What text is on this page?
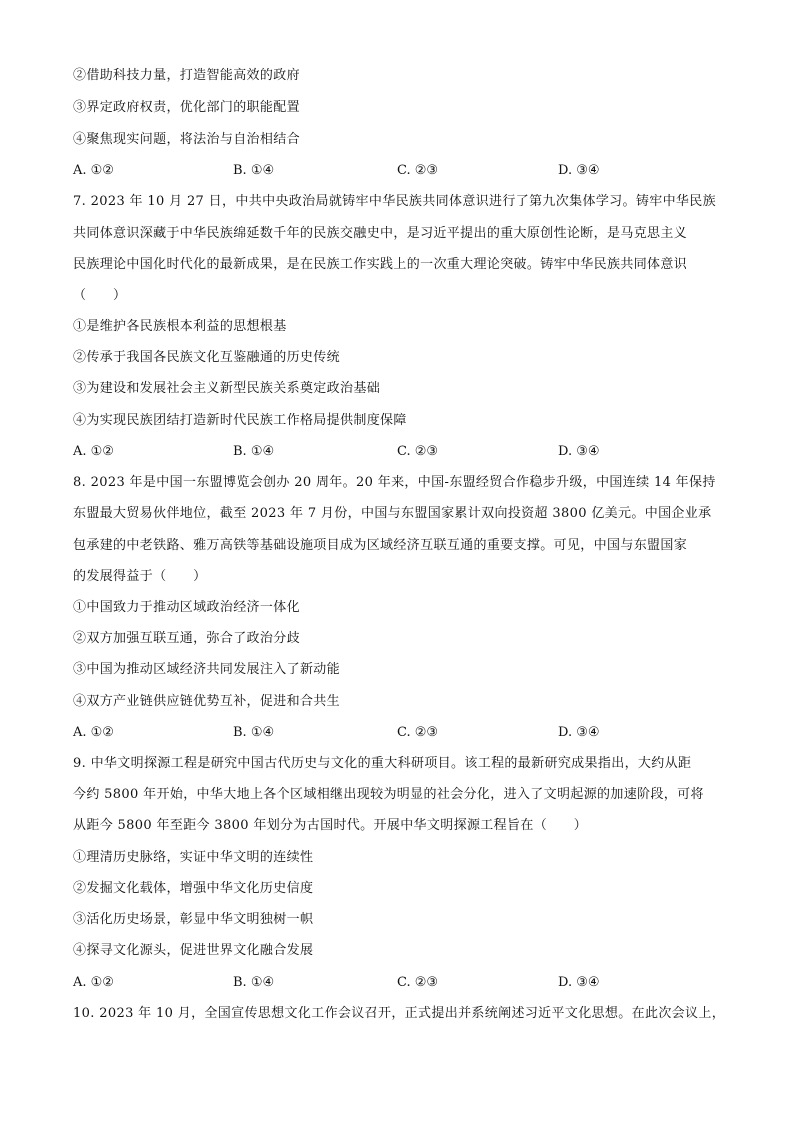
②借助科技力量，打造智能高效的政府
③界定政府权责，优化部门的职能配置
④聚焦现实问题，将法治与自治相结合
A. ①②	B. ①④	C. ②③	D. ③④
7. 2023 年 10 月 27 日，中共中央政治局就铸牢中华民族共同体意识进行了第九次集体学习。铸牢中华民族
共同体意识深藏于中华民族绵延数千年的民族交融史中，是习近平提出的重大原创性论断，是马克思主义
民族理论中国化时代化的最新成果，是在民族工作实践上的一次重大理论突破。铸牢中华民族共同体意识
（　　）
①是维护各民族根本利益的思想根基
②传承于我国各民族文化互鉴融通的历史传统
③为建设和发展社会主义新型民族关系奠定政治基础
④为实现民族团结打造新时代民族工作格局提供制度保障
A. ①②	B. ①④	C. ②③	D. ③④
8. 2023 年是中国一东盟博览会创办 20 周年。20 年来，中国-东盟经贸合作稳步升级，中国连续 14 年保持
东盟最大贸易伙伴地位，截至 2023 年 7 月份，中国与东盟国家累计双向投资超 3800 亿美元。中国企业承
包承建的中老铁路、雅万高铁等基础设施项目成为区域经济互联互通的重要支撑。可见，中国与东盟国家
的发展得益于（　　）
①中国致力于推动区域政治经济一体化
②双方加强互联互通，弥合了政治分歧
③中国为推动区域经济共同发展注入了新动能
④双方产业链供应链优势互补，促进和合共生
A. ①②	B. ①④	C. ②③	D. ③④
9. 中华文明探源工程是研究中国古代历史与文化的重大科研项目。该工程的最新研究成果指出，大约从距
今约 5800 年开始，中华大地上各个区域相继出现较为明显的社会分化，进入了文明起源的加速阶段，可将
从距今 5800 年至距今 3800 年划分为古国时代。开展中华文明探源工程旨在（　　）
①理清历史脉络，实证中华文明的连续性
②发掘文化载体，增强中华文化历史信度
③活化历史场景，彰显中华文明独树一帜
④探寻文化源头，促进世界文化融合发展
A. ①②	B. ①④	C. ②③	D. ③④
10. 2023 年 10 月，全国宣传思想文化工作会议召开，正式提出并系统阐述习近平文化思想。在此次会议上，
